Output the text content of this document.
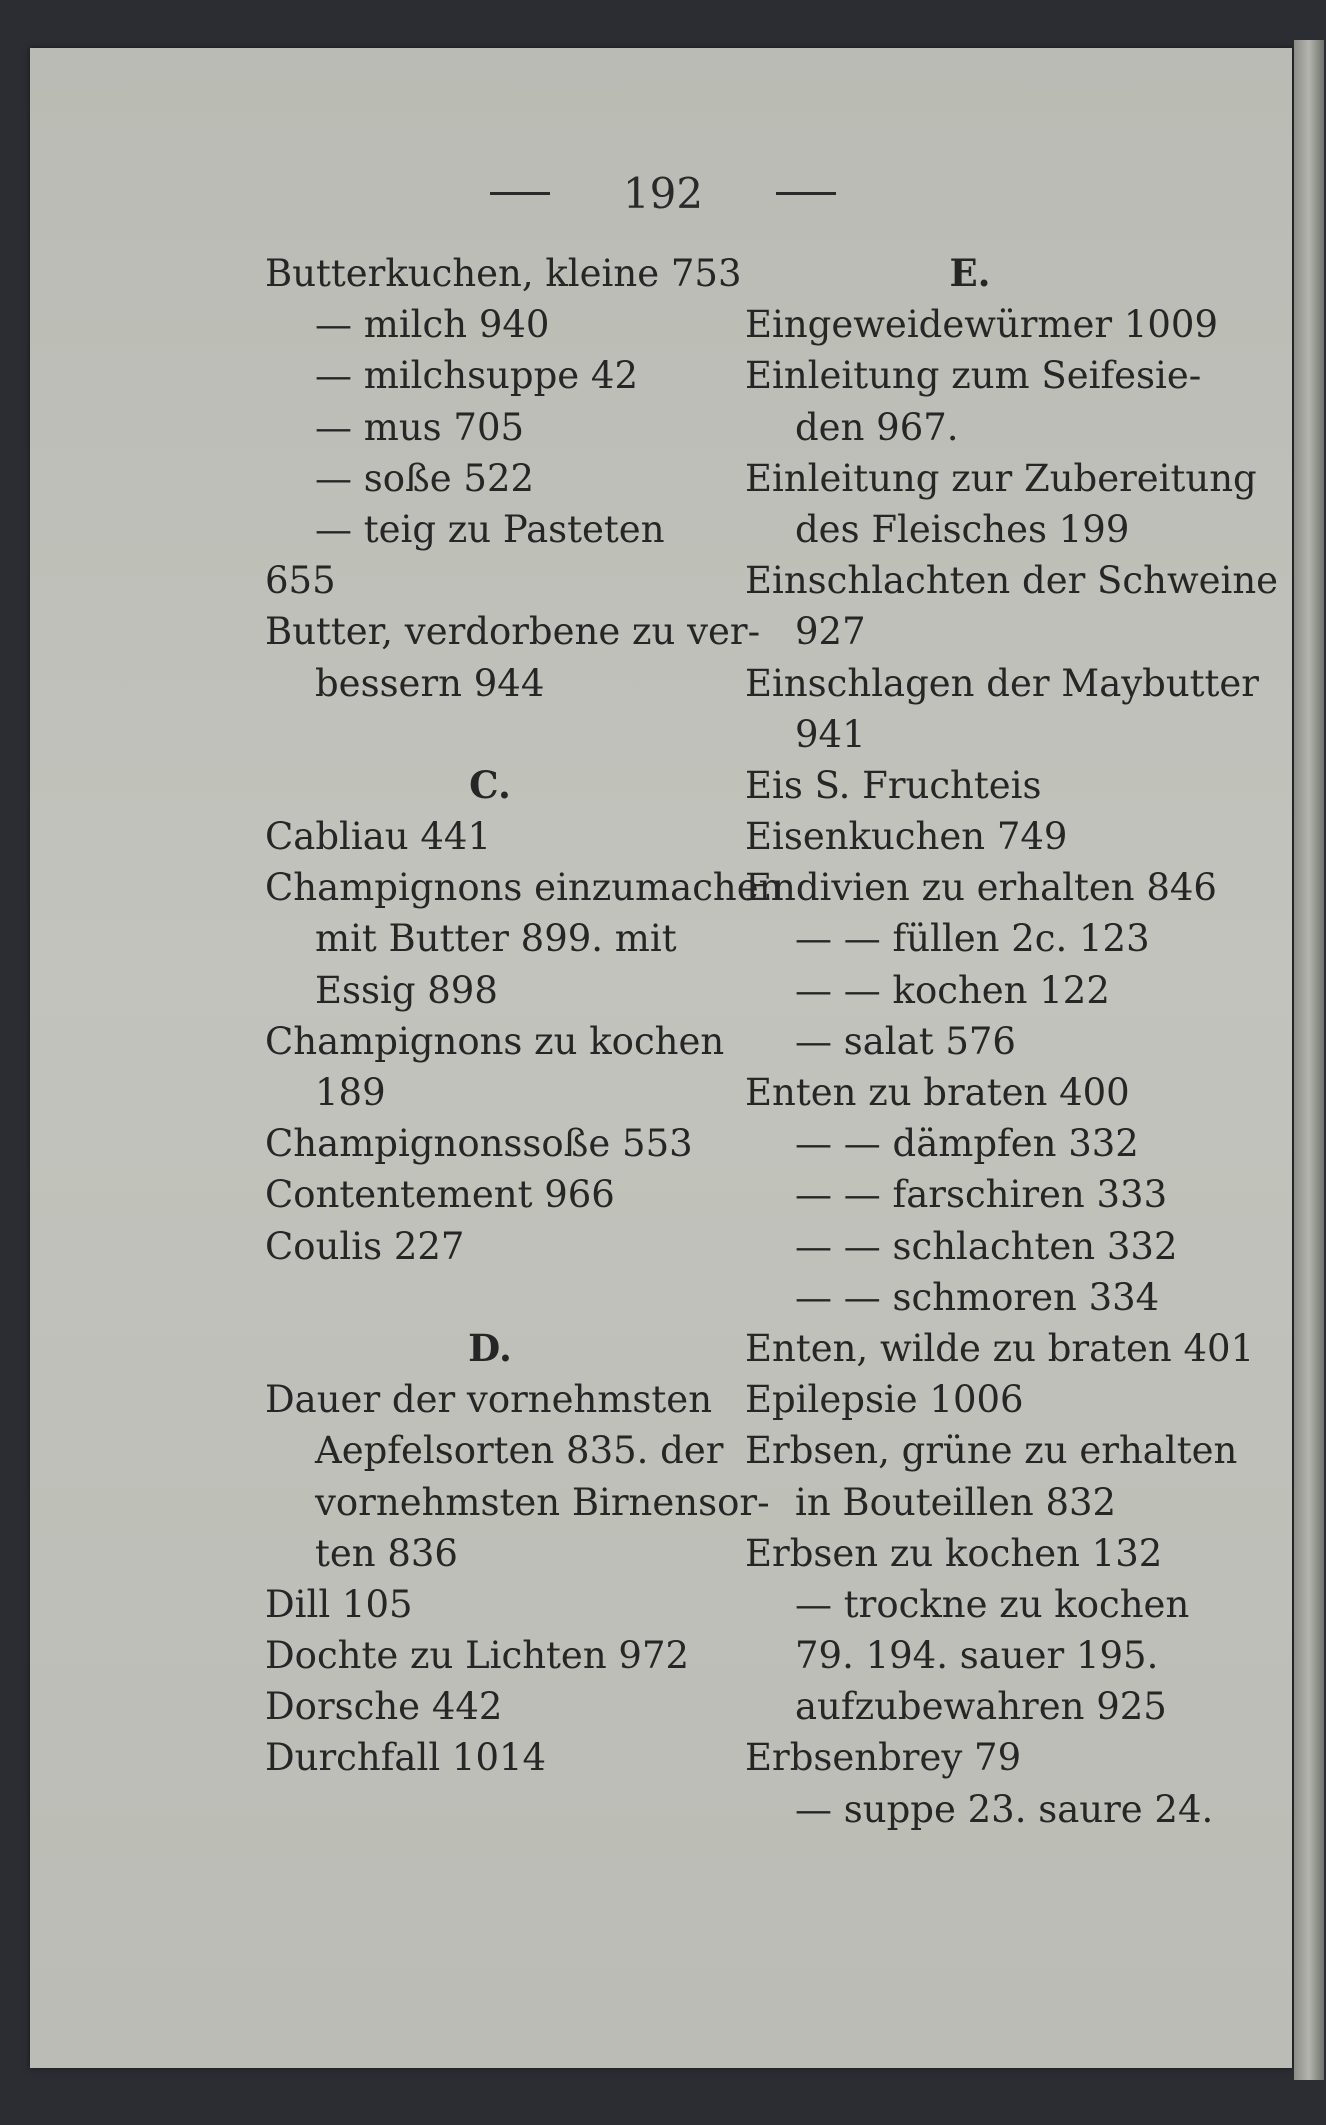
192
Butterkuchen, kleine 753
— milch 940
— milchsuppe 42
— mus 705
— soße 522
— teig zu Pasteten
655
Butter, verdorbene zu ver-
bessern 944
C.
Cabliau 441
Champignons einzumachen
mit Butter 899. mit
Essig 898
Champignons zu kochen
189
Champignonssoße 553
Contentement 966
Coulis 227
D.
Dauer der vornehmsten
Aepfelsorten 835. der
vornehmsten Birnensor-
ten 836
Dill 105
Dochte zu Lichten 972
Dorsche 442
Durchfall 1014
E.
Eingeweidewürmer 1009
Einleitung zum Seifesie-
den 967.
Einleitung zur Zubereitung
des Fleisches 199
Einschlachten der Schweine
927
Einschlagen der Maybutter
941
Eis S. Fruchteis
Eisenkuchen 749
Endivien zu erhalten 846
— — füllen 2c. 123
— — kochen 122
— salat 576
Enten zu braten 400
— — dämpfen 332
— — farschiren 333
— — schlachten 332
— — schmoren 334
Enten, wilde zu braten 401
Epilepsie 1006
Erbsen, grüne zu erhalten
in Bouteillen 832
Erbsen zu kochen 132
— trockne zu kochen
79. 194. sauer 195.
aufzubewahren 925
Erbsenbrey 79
— suppe 23. saure 24.
